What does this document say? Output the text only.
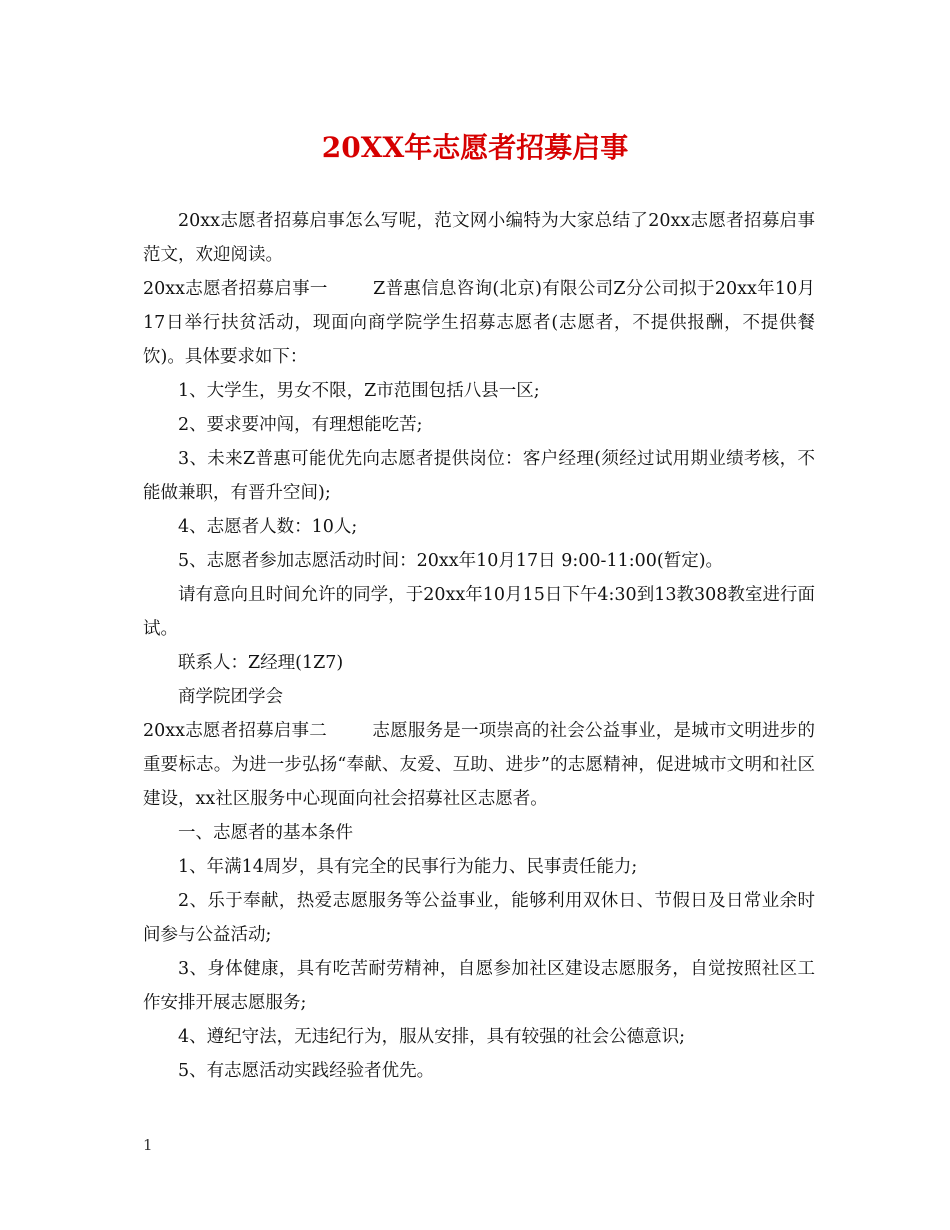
20XX年志愿者招募启事

20xx志愿者招募启事怎么写呢，范文网小编特为大家总结了20xx志愿者招募启事范文，欢迎阅读。

20xx志愿者招募启事一	Z普惠信息咨询(北京)有限公司Z分公司拟于20xx年10月17日举行扶贫活动，现面向商学院学生招募志愿者(志愿者，不提供报酬，不提供餐饮)。具体要求如下：

1、大学生，男女不限，Z市范围包括八县一区;

2、要求要冲闯，有理想能吃苦;

3、未来Z普惠可能优先向志愿者提供岗位：客户经理(须经过试用期业绩考核，不能做兼职，有晋升空间);

4、志愿者人数：10人;

5、志愿者参加志愿活动时间：20xx年10月17日 9:00-11:00(暂定)。

请有意向且时间允许的同学，于20xx年10月15日下午4:30到13教308教室进行面试。

联系人：Z经理(1Z7)

商学院团学会

20xx志愿者招募启事二	志愿服务是一项崇高的社会公益事业，是城市文明进步的重要标志。为进一步弘扬“奉献、友爱、互助、进步”的志愿精神，促进城市文明和社区建设，xx社区服务中心现面向社会招募社区志愿者。

一、志愿者的基本条件

1、年满14周岁，具有完全的民事行为能力、民事责任能力;

2、乐于奉献，热爱志愿服务等公益事业，能够利用双休日、节假日及日常业余时间参与公益活动;

3、身体健康，具有吃苦耐劳精神，自愿参加社区建设志愿服务，自觉按照社区工作安排开展志愿服务;

4、遵纪守法，无违纪行为，服从安排，具有较强的社会公德意识;

5、有志愿活动实践经验者优先。

1
